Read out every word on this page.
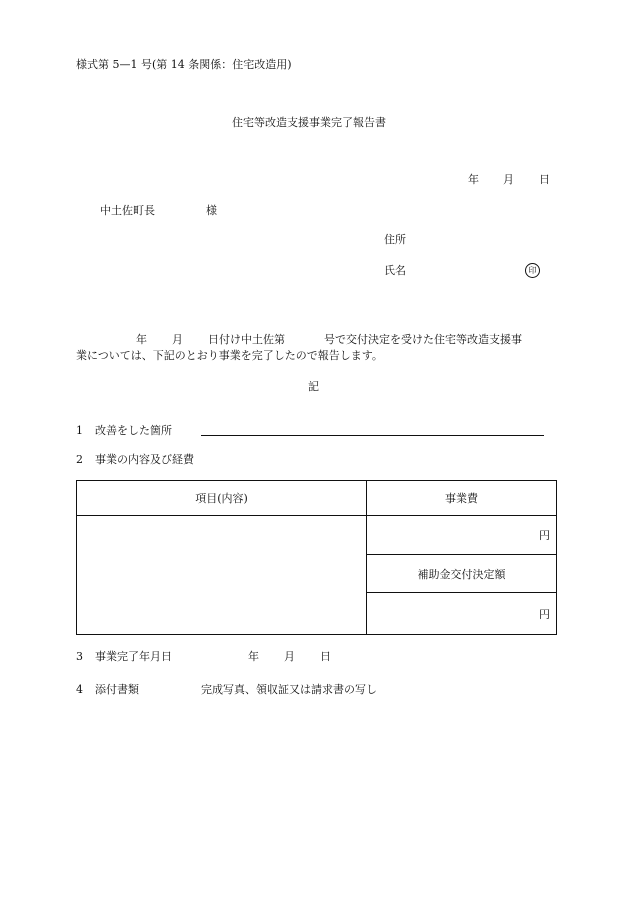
様式第 5—1 号(第 14 条関係：住宅改造用)
住宅等改造支援事業完了報告書
年 月 日
中土佐町長	様
住所
氏名	印
年 月 日付け中土佐第	号で交付決定を受けた住宅等改造支援事
業については、下記のとおり事業を完了したので報告します。
記
1 改善をした箇所
2 事業の内容及び経費
項目(内容)	事業費
	円
	補助金交付決定額
	円
3 事業完了年月日	年 月 日
4 添付書類	完成写真、領収証又は請求書の写し
